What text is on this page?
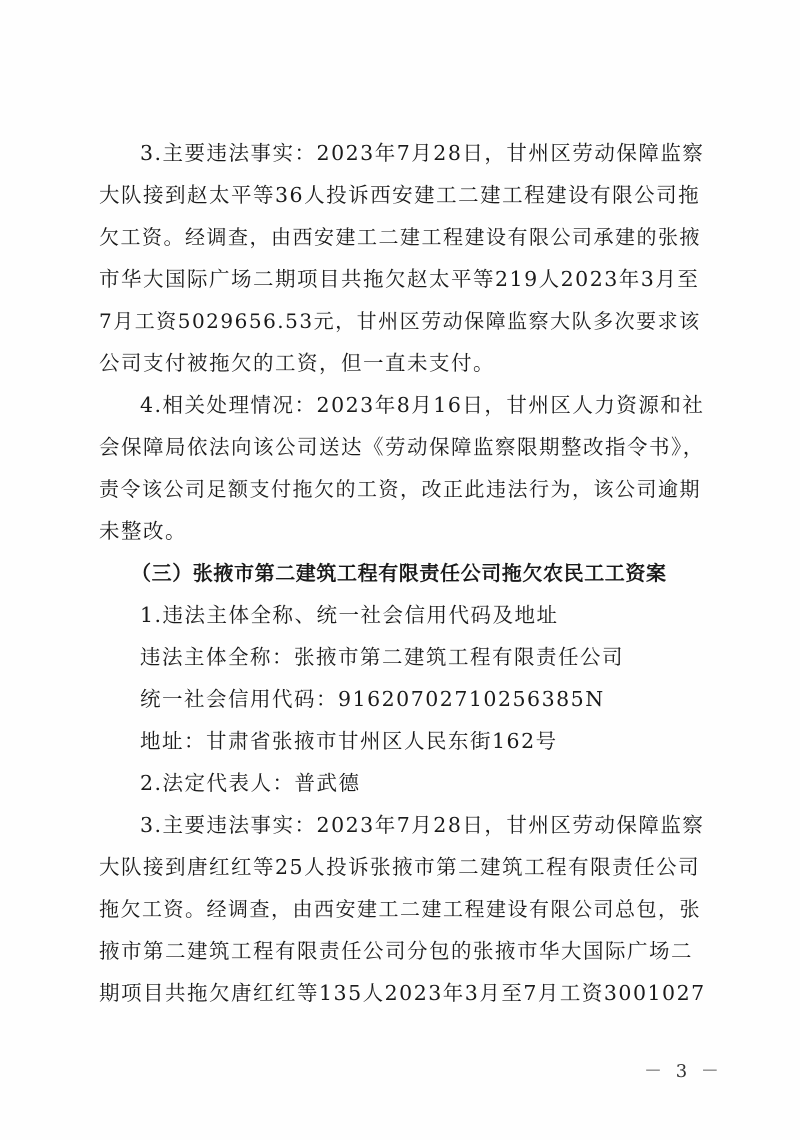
3.主要违法事实：2023年7月28日，甘州区劳动保障监察
大队接到赵太平等36人投诉西安建工二建工程建设有限公司拖
欠工资。经调查，由西安建工二建工程建设有限公司承建的张掖
市华大国际广场二期项目共拖欠赵太平等219人2023年3月至
7月工资5029656.53元，甘州区劳动保障监察大队多次要求该
公司支付被拖欠的工资，但一直未支付。
4.相关处理情况：2023年8月16日，甘州区人力资源和社
会保障局依法向该公司送达《劳动保障监察限期整改指令书》，
责令该公司足额支付拖欠的工资，改正此违法行为，该公司逾期
未整改。
（三）张掖市第二建筑工程有限责任公司拖欠农民工工资案
1.违法主体全称、统一社会信用代码及地址
违法主体全称：张掖市第二建筑工程有限责任公司
统一社会信用代码：91620702710256385N
地址：甘肃省张掖市甘州区人民东街162号
2.法定代表人：普武德
3.主要违法事实：2023年7月28日，甘州区劳动保障监察
大队接到唐红红等25人投诉张掖市第二建筑工程有限责任公司
拖欠工资。经调查，由西安建工二建工程建设有限公司总包，张
掖市第二建筑工程有限责任公司分包的张掖市华大国际广场二
期项目共拖欠唐红红等135人2023年3月至7月工资3001027
－ 3 －
